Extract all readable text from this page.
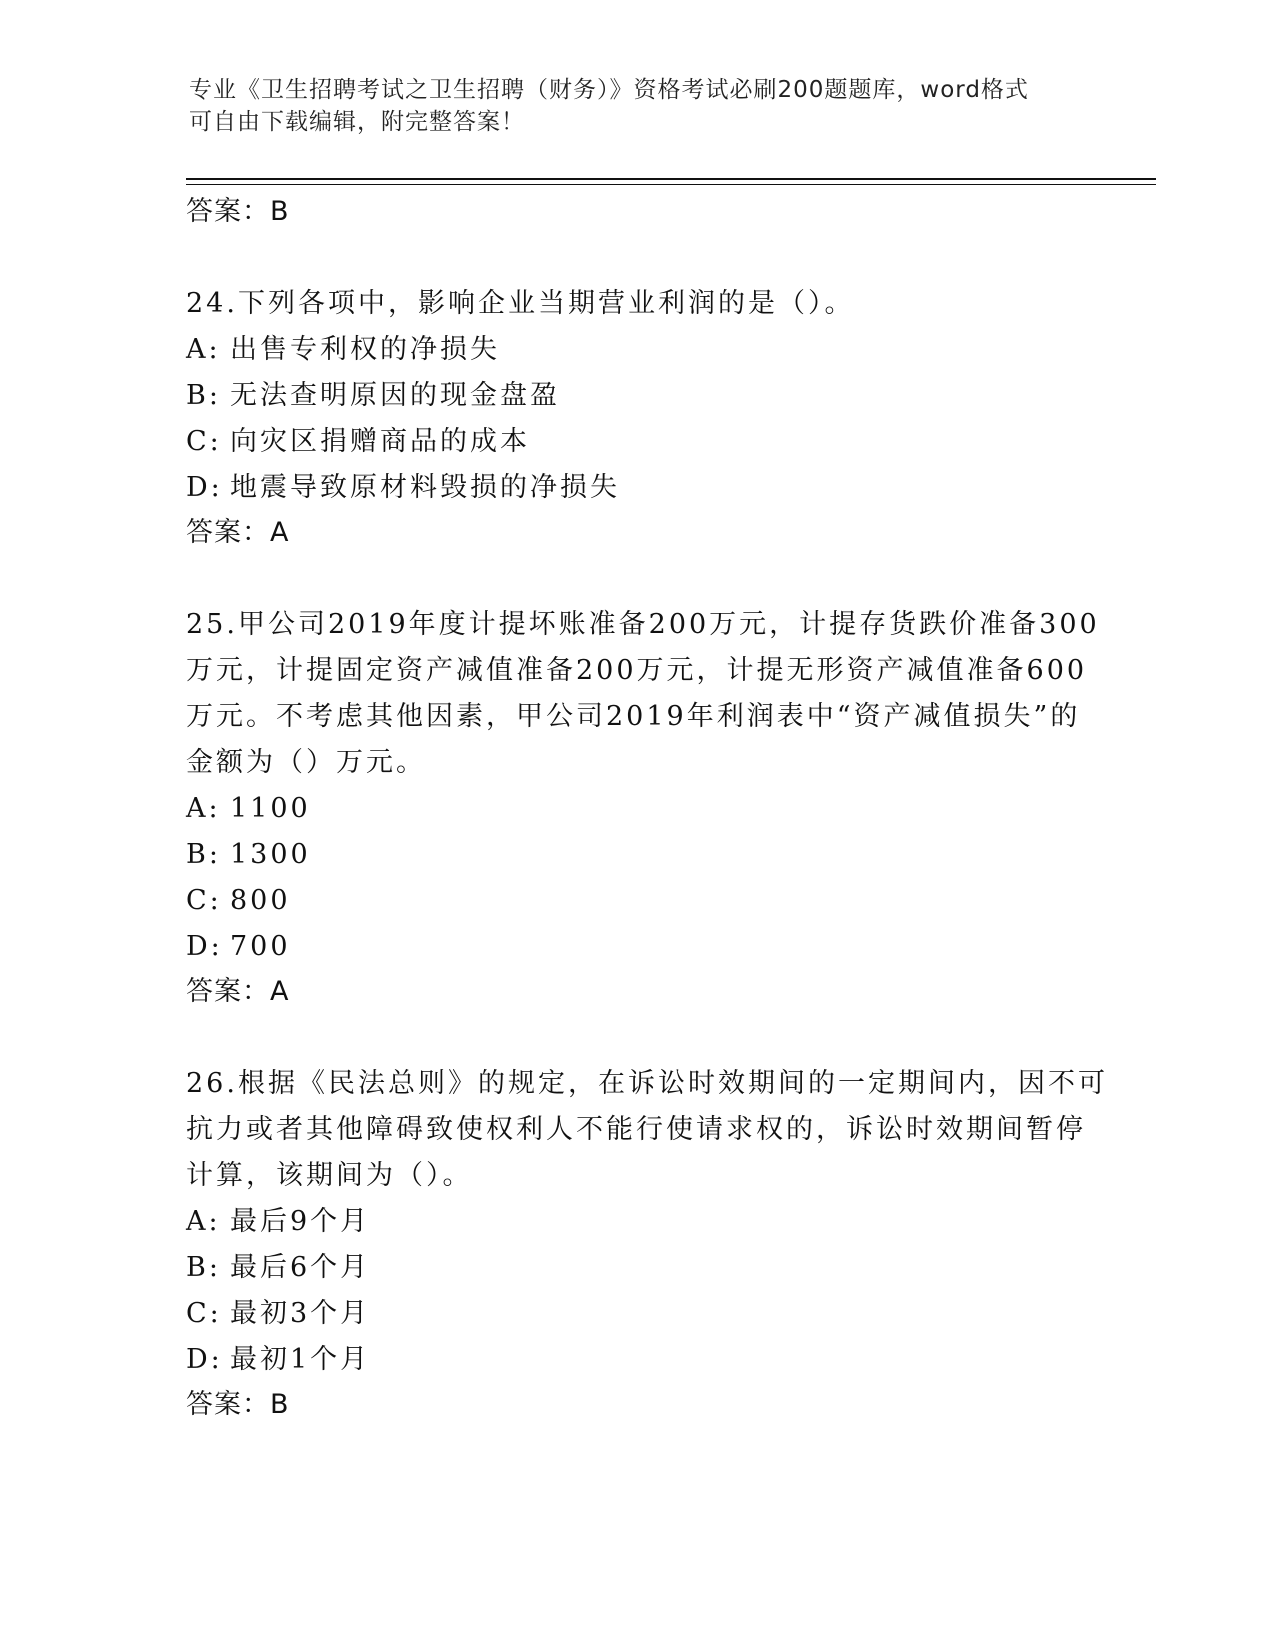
专业《卫生招聘考试之卫生招聘（财务）》资格考试必刷200题题库，word格式
可自由下载编辑，附完整答案！
答案：B
24.下列各项中，影响企业当期营业利润的是（）。
A: 出售专利权的净损失
B: 无法查明原因的现金盘盈
C: 向灾区捐赠商品的成本
D: 地震导致原材料毁损的净损失
答案：A
25.甲公司2019年度计提坏账准备200万元，计提存货跌价准备300
万元，计提固定资产减值准备200万元，计提无形资产减值准备600
万元。不考虑其他因素，甲公司2019年利润表中“资产减值损失”的
金额为（）万元。
A: 1100
B: 1300
C: 800
D: 700
答案：A
26.根据《民法总则》的规定，在诉讼时效期间的一定期间内，因不可
抗力或者其他障碍致使权利人不能行使请求权的，诉讼时效期间暂停
计算，该期间为（）。
A: 最后9个月
B: 最后6个月
C: 最初3个月
D: 最初1个月
答案：B
